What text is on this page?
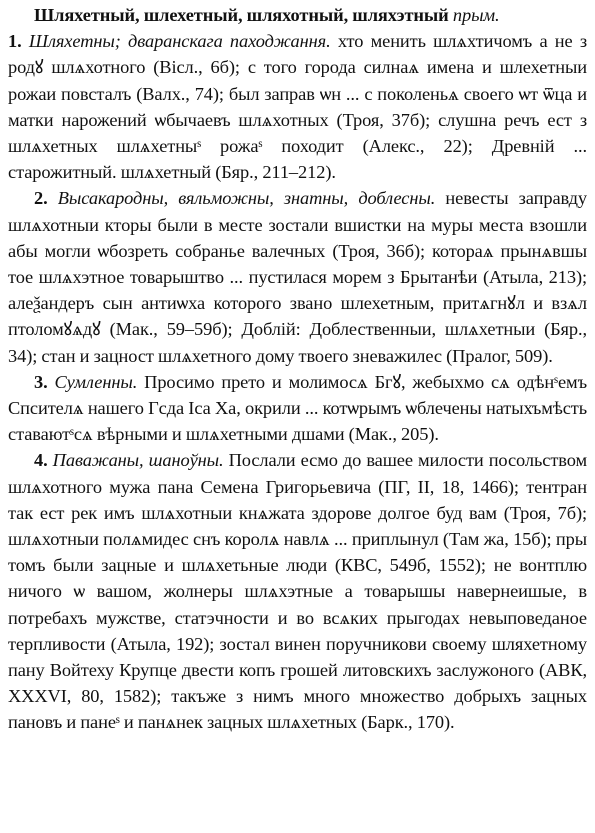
Шляхетный, шлехетный, шляхотный, шляхэтный прым.
1. Шляхетны; дваранскага паходжання. хто менить шлѧхтичомъ а не з родꙋ шлѧхотного (Вісл., 6б); с того города силнaѧ имена и шлехетныи рожаи повсталъ (Валх., 74); был заправ ѡн ... с поколеньѧ своего ѡт ѿца и матки нарожений ѡбычаевъ шлѧхотных (Троя, 37б); слушна речъ ест з шлѧхетных шлѧхетныˢ рожаˢ походит (Алекс., 22); Древній ... старожитный. шлѧхетный (Бяр., 211–212).

2. Высакародны, вяльможны, знатны, доблесны. невесты заправду шлѧхотныи кторы были в месте зостали вшистки на муры места взошли абы могли ѡбозреть собранье валечных (Троя, 36б); которaѧ прынѧвшы тое шлѧхэтное товарыштво ... пустилася морем з Брытанѣи (Атыла, 213); алеѯандеръ сын антиѡха которого звано шлехетным, притѧгнꙋл и взѧл птоломꙋѧдꙋ (Мак., 59–59б); Доблій: Доблественныи, шлѧхетныи (Бяр., 34); стан и зацност шлѧхетного дому твоего зневажилес (Пралог, 509).

3. Сумленны. Просимо прето и молимосѧ Бгꙋ, жебыхмо сѧ одѣнˢемъ Спсителѧ нашего Гсда Іса Ха, окрили ... котѡрымъ ѡблечены натыхъмѣсть ставаютˢсѧ вѣрными и шлѧхетными дшами (Мак., 205).

4. Паважаны, шаноўны. Послали есмо до вашее милости посольством шлѧхотного мужа пана Семена Григорьевича (ПГ, II, 18, 1466); тентран так ест рек имъ шлѧхотныи кнѧжата здорове долгое буд вам (Троя, 7б); шлѧхотныи полѧмидес снъ королѧ навлѧ ... приплынул (Там жа, 15б); пры томъ были зацные и шлѧхетьные люди (КВС, 549б, 1552); не вонтплю ничого ѡ вашом, жолнеры шлѧхэтные а товарышы навернеишые, в потребахъ мужстве, статэчности и во всѧких прыгодах невыповеданое терпливости (Атыла, 192); зостал винен поручникови своему шляхетному пану Войтеху Крупце двести копъ грошей литовскихъ заслужоного (АВК, XXXVI, 80, 1582); такъже з нимъ много множество добрыхъ зацных пановъ и панеˢ и панѧнек зацных шлѧхетных (Барк., 170).
